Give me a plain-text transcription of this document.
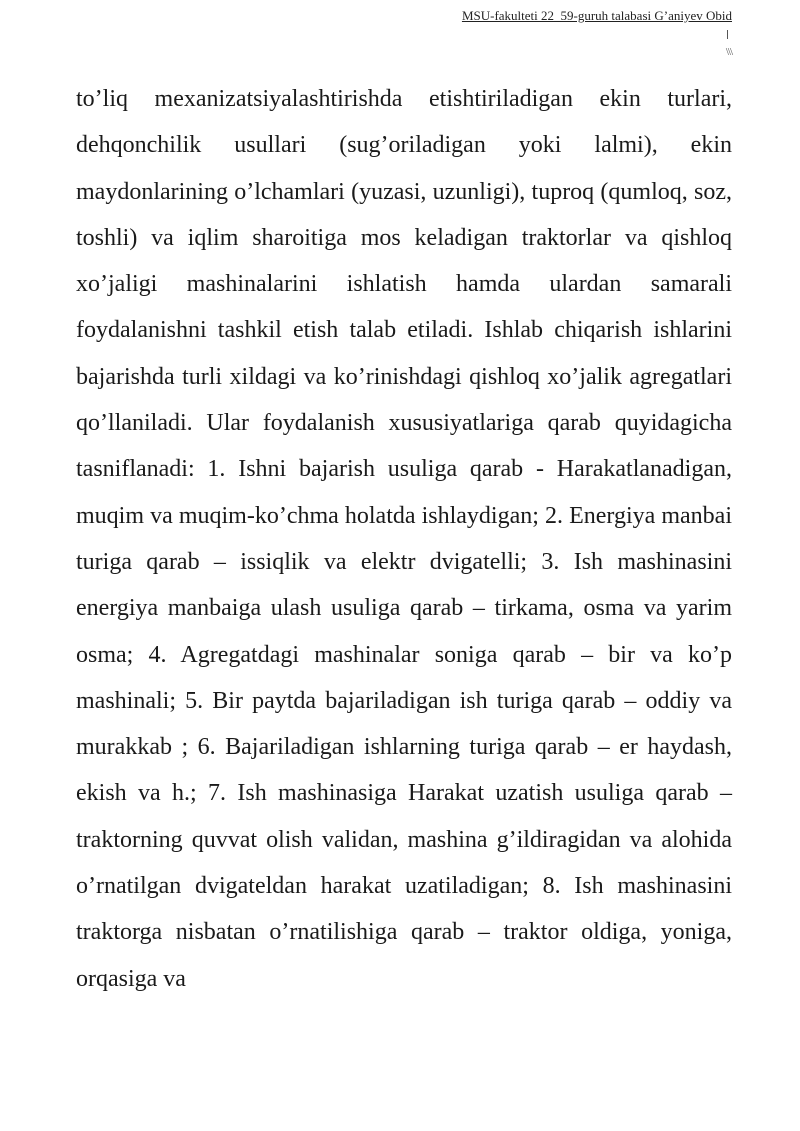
MSU-fakulteti 22_59-guruh talabasi G’aniyev Obid
\\\

to’liq mexanizatsiyalashtirishda etishtiriladigan ekin turlari, dehqonchilik usullari (sug’oriladigan yoki lalmi), ekin maydonlarining o’lchamlari (yuzasi, uzunligi), tuproq (qumloq, soz, toshli) va iqlim sharoitiga mos keladigan traktorlar va qishloq xo’jaligi mashinalarini ishlatish hamda ulardan samarali foydalanishni tashkil etish talab etiladi. Ishlab chiqarish ishlarini bajarishda turli xildagi va ko’rinishdagi qishloq xo’jalik agregatlari qo’llaniladi. Ular foydalanish xususiyatlariga qarab quyidagicha tasniflanadi: 1. Ishni bajarish usuliga qarab - Harakatlanadigan, muqim va muqim-ko’chma holatda ishlaydigan; 2. Energiya manbai turiga qarab – issiqlik va elektr dvigatelli; 3. Ish mashinasini energiya manbaiga ulash usuliga qarab – tirkama, osma va yarim osma; 4. Agregatdagi mashinalar soniga qarab – bir va ko’p mashinali; 5. Bir paytda bajariladigan ish turiga qarab – oddiy va murakkab ; 6. Bajariladigan ishlarning turiga qarab – er haydash, ekish va h.; 7. Ish mashinasiga Harakat uzatish usuliga qarab – traktorning quvvat olish validan, mashina g’ildiragidan va alohida o’rnatilgan dvigateldan harakat uzatiladigan; 8. Ish mashinasini traktorga nisbatan o’rnatilishiga qarab – traktor oldiga, yoniga, orqasiga va
